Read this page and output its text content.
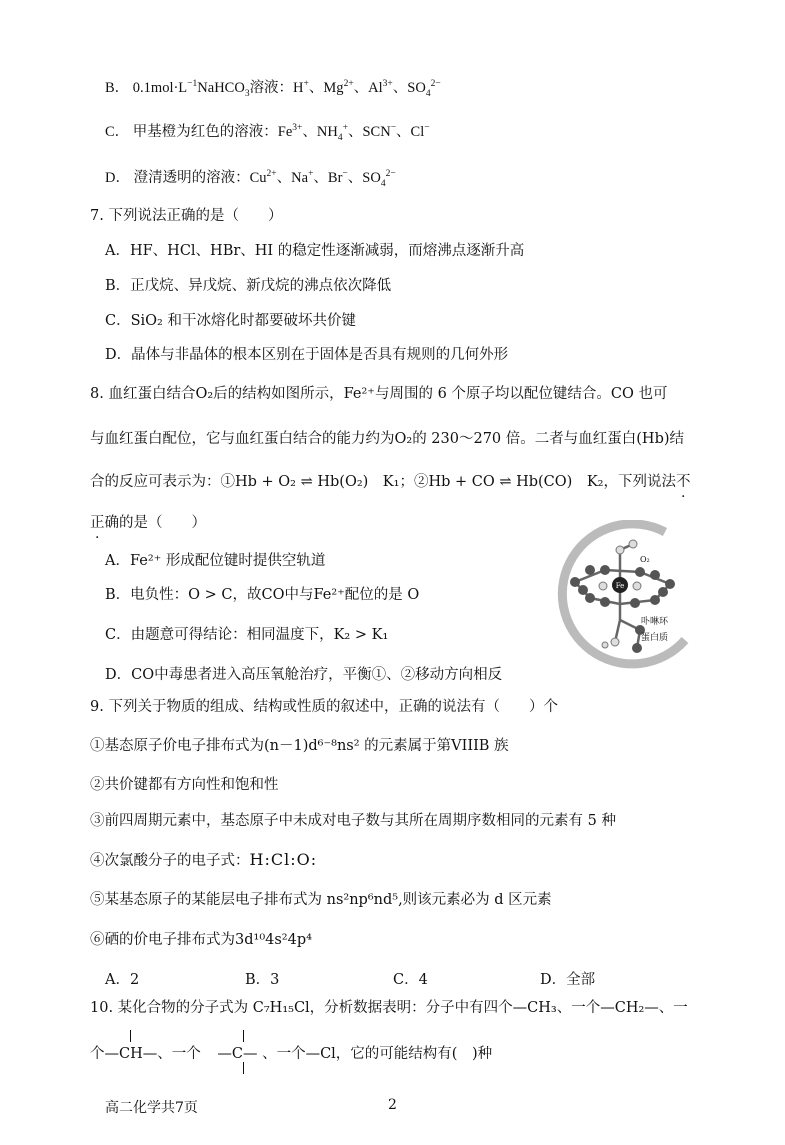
B． $0.1mol\cdot L^{-1}NaHCO_3$溶液：H+、$Mg^{2+}$、$Al^{3+}$、$SO_4^{2-}$
C． 甲基橙为红色的溶液：$Fe^{3+}$、$NH_4^+$、SCN−、Cl−
D． 澄清透明的溶液：$Cu^{2+}$、Na+、Br−、$SO_4^{2-}$
7. 下列说法正确的是（　　）
A．HF、HCl、HBr、HI 的稳定性逐渐减弱，而熔沸点逐渐升高
B．正戊烷、异戊烷、新戊烷的沸点依次降低
C．SiO₂ 和干冰熔化时都要破坏共价键
D．晶体与非晶体的根本区别在于固体是否具有规则的几何外形
8. 血红蛋白结合O₂后的结构如图所示，Fe²⁺与周围的 6 个原子均以配位键结合。CO 也可
与血红蛋白配位，它与血红蛋白结合的能力约为O₂的 230～270 倍。二者与血红蛋白(Hb)结
合的反应可表示为：①Hb + O₂ ⇌ Hb(O₂)　K₁；②Hb + CO ⇌ Hb(CO)　K₂，下列说法不
正确的是（　　）
A．Fe²⁺ 形成配位键时提供空轨道
B．电负性：O > C，故CO中与Fe²⁺配位的是 O
C．由题意可得结论：相同温度下，K₂ > K₁
D．CO中毒患者进入高压氧舱治疗，平衡①、②移动方向相反
Fe
O₂
卟啉环
蛋白质
9. 下列关于物质的组成、结构或性质的叙述中，正确的说法有（　　）个
①基态原子价电子排布式为(n－1)d⁶⁻⁸ns² 的元素属于第VIIIB 族
②共价键都有方向性和饱和性
③前四周期元素中，基态原子中未成对电子数与其所在周期序数相同的元素有 5 种
④次氯酸分子的电子式：H:Cl:O:
⑤某基态原子的某能层电子排布式为 ns²np⁶nd⁵,则该元素必为 d 区元素
⑥硒的价电子排布式为3d¹⁰4s²4p⁴
A．2	B．3	C．4	D．全部
10. 某化合物的分子式为 C₇H₁₅Cl，分析数据表明：分子中有四个—CH₃、一个—CH₂—、一
个—CH—、一个 —C— 、一个—Cl，它的可能结构有(　)种
高二化学共7页	2
